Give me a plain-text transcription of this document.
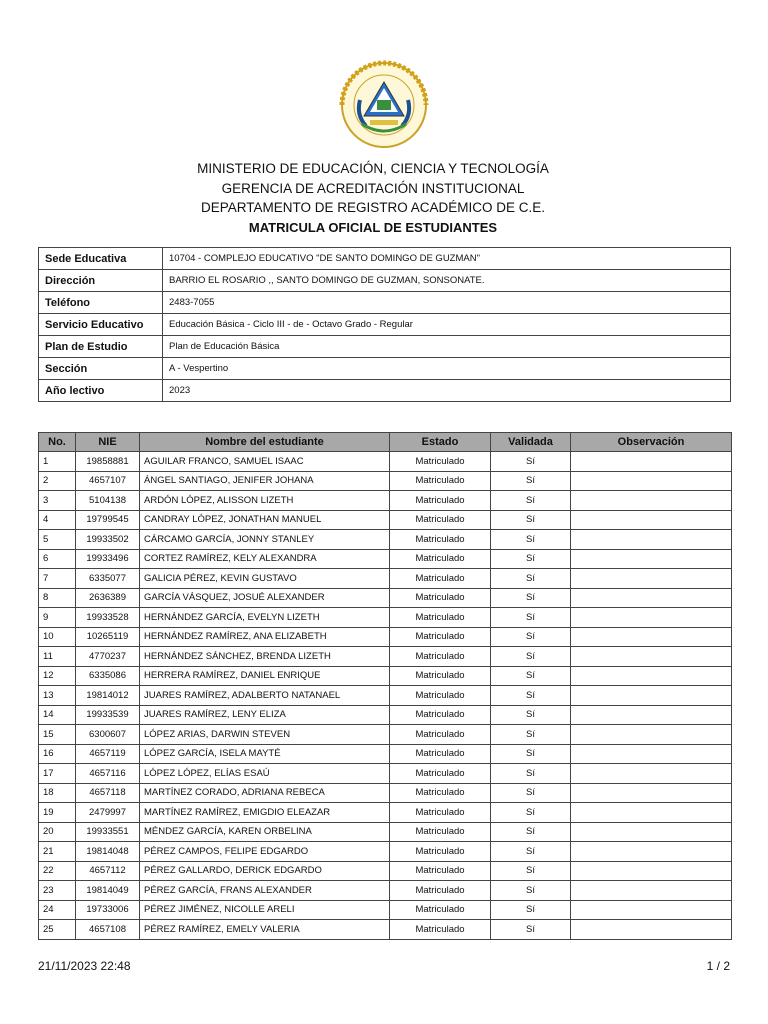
MINISTERIO DE EDUCACIÓN, CIENCIA Y TECNOLOGÍA
GERENCIA DE ACREDITACIÓN INSTITUCIONAL
DEPARTAMENTO DE REGISTRO ACADÉMICO DE C.E.
MATRICULA OFICIAL DE ESTUDIANTES
Sede Educativa	10704 - COMPLEJO EDUCATIVO "DE SANTO DOMINGO DE GUZMAN"
Dirección	BARRIO EL ROSARIO ,, SANTO DOMINGO DE GUZMAN, SONSONATE.
Teléfono	2483-7055
Servicio Educativo	Educación Básica - Ciclo III - de - Octavo Grado - Regular
Plan de Estudio	Plan de Educación Básica
Sección	A - Vespertino
Año lectivo	2023
No.	NIE	Nombre del estudiante	Estado	Validada	Observación
1	19858881	AGUILAR FRANCO, SAMUEL ISAAC	Matriculado	Sí	
2	4657107	ÁNGEL SANTIAGO, JENIFER JOHANA	Matriculado	Sí	
3	5104138	ARDÓN LÓPEZ, ALISSON LIZETH	Matriculado	Sí	
4	19799545	CANDRAY LÓPEZ, JONATHAN MANUEL	Matriculado	Sí	
5	19933502	CÁRCAMO GARCÍA, JONNY STANLEY	Matriculado	Sí	
6	19933496	CORTEZ RAMÍREZ, KELY ALEXANDRA	Matriculado	Sí	
7	6335077	GALICIA PÉREZ, KEVIN GUSTAVO	Matriculado	Sí	
8	2636389	GARCÍA VÁSQUEZ, JOSUÉ ALEXANDER	Matriculado	Sí	
9	19933528	HERNÁNDEZ GARCÍA, EVELYN LIZETH	Matriculado	Sí	
10	10265119	HERNÁNDEZ RAMÍREZ, ANA ELIZABETH	Matriculado	Sí	
11	4770237	HERNÁNDEZ SÁNCHEZ, BRENDA LIZETH	Matriculado	Sí	
12	6335086	HERRERA RAMÍREZ, DANIEL ENRIQUE	Matriculado	Sí	
13	19814012	JUARES RAMÍREZ, ADALBERTO NATANAEL	Matriculado	Sí	
14	19933539	JUARES RAMÍREZ, LENY ELIZA	Matriculado	Sí	
15	6300607	LÓPEZ ARIAS, DARWIN STEVEN	Matriculado	Sí	
16	4657119	LÓPEZ GARCÍA, ISELA MAYTÉ	Matriculado	Sí	
17	4657116	LÓPEZ LÓPEZ, ELÍAS ESAÚ	Matriculado	Sí	
18	4657118	MARTÍNEZ CORADO, ADRIANA REBECA	Matriculado	Sí	
19	2479997	MARTÍNEZ RAMÍREZ, EMIGDIO ELEAZAR	Matriculado	Sí	
20	19933551	MÉNDEZ GARCÍA, KAREN ORBELINA	Matriculado	Sí	
21	19814048	PÉREZ CAMPOS, FELIPE EDGARDO	Matriculado	Sí	
22	4657112	PÉREZ GALLARDO, DERICK EDGARDO	Matriculado	Sí	
23	19814049	PÉREZ GARCÍA, FRANS ALEXANDER	Matriculado	Sí	
24	19733006	PÉREZ JIMÉNEZ, NICOLLE ARELI	Matriculado	Sí	
25	4657108	PÉREZ RAMÍREZ, EMELY VALERIA	Matriculado	Sí	
21/11/2023 22:48	1 / 2
